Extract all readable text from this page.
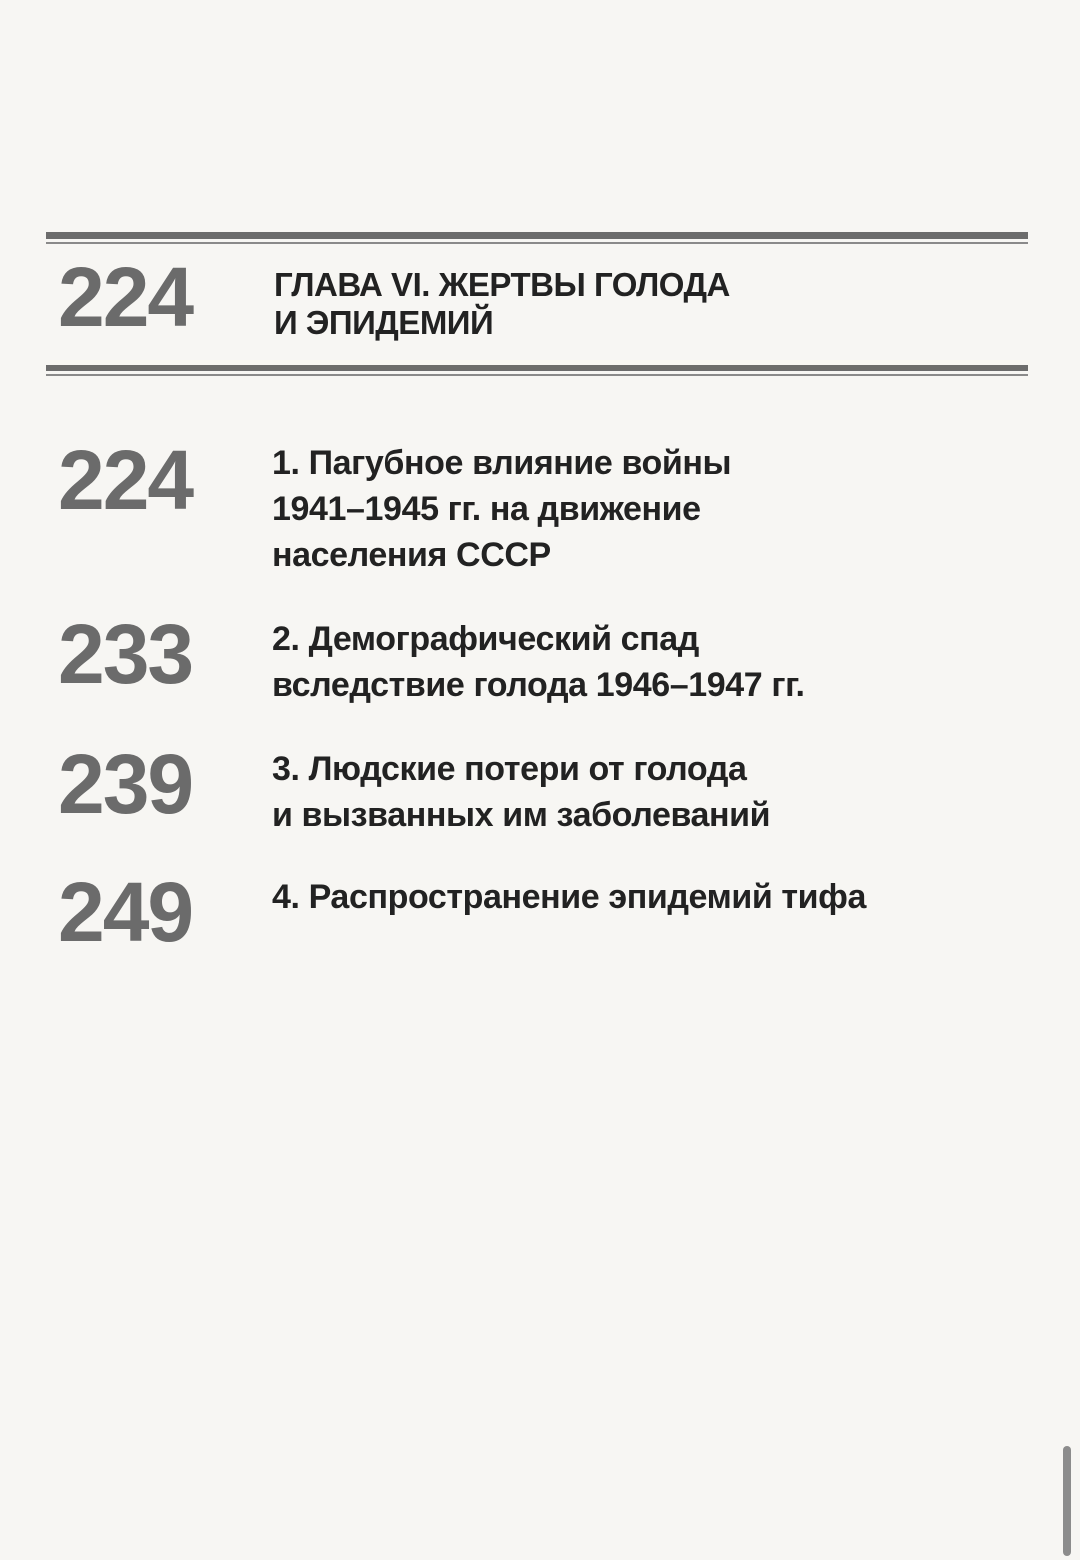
224 ГЛАВА VI. ЖЕРТВЫ ГОЛОДА
И ЭПИДЕМИЙ
224 1. Пагубное влияние войны
1941–1945 гг. на движение
населения СССР
233 2. Демографический спад
вследствие голода 1946–1947 гг.
239 3. Людские потери от голода
и вызванных им заболеваний
249 4. Распространение эпидемий тифа
